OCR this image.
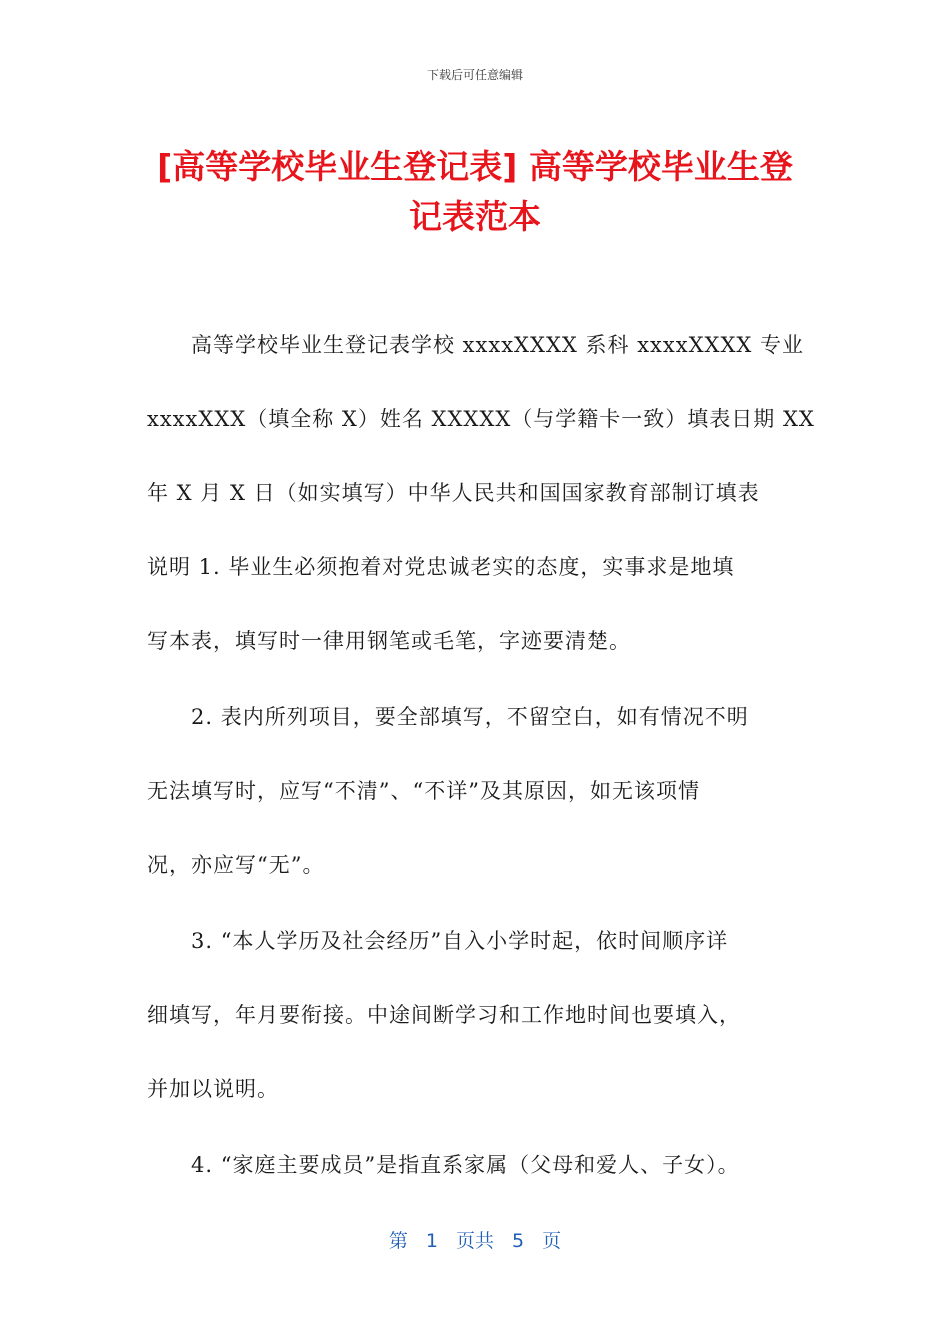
下载后可任意编辑
[高等学校毕业生登记表] 高等学校毕业生登
记表范本
高等学校毕业生登记表学校 xxxxXXXX 系科 xxxxXXXX 专业
xxxxXXX（填全称 X）姓名 XXXXX（与学籍卡一致）填表日期 XX
年 X 月 X 日（如实填写）中华人民共和国国家教育部制订填表
说明 1. 毕业生必须抱着对党忠诚老实的态度，实事求是地填
写本表，填写时一律用钢笔或毛笔，字迹要清楚。
2. 表内所列项目，要全部填写，不留空白，如有情况不明
无法填写时，应写“不清”、“不详”及其原因，如无该项情
况，亦应写“无”。
3. “本人学历及社会经历”自入小学时起，依时间顺序详
细填写，年月要衔接。中途间断学习和工作地时间也要填入，
并加以说明。
4. “家庭主要成员”是指直系家属（父母和爱人、子女）。
第 1 页共 5 页
